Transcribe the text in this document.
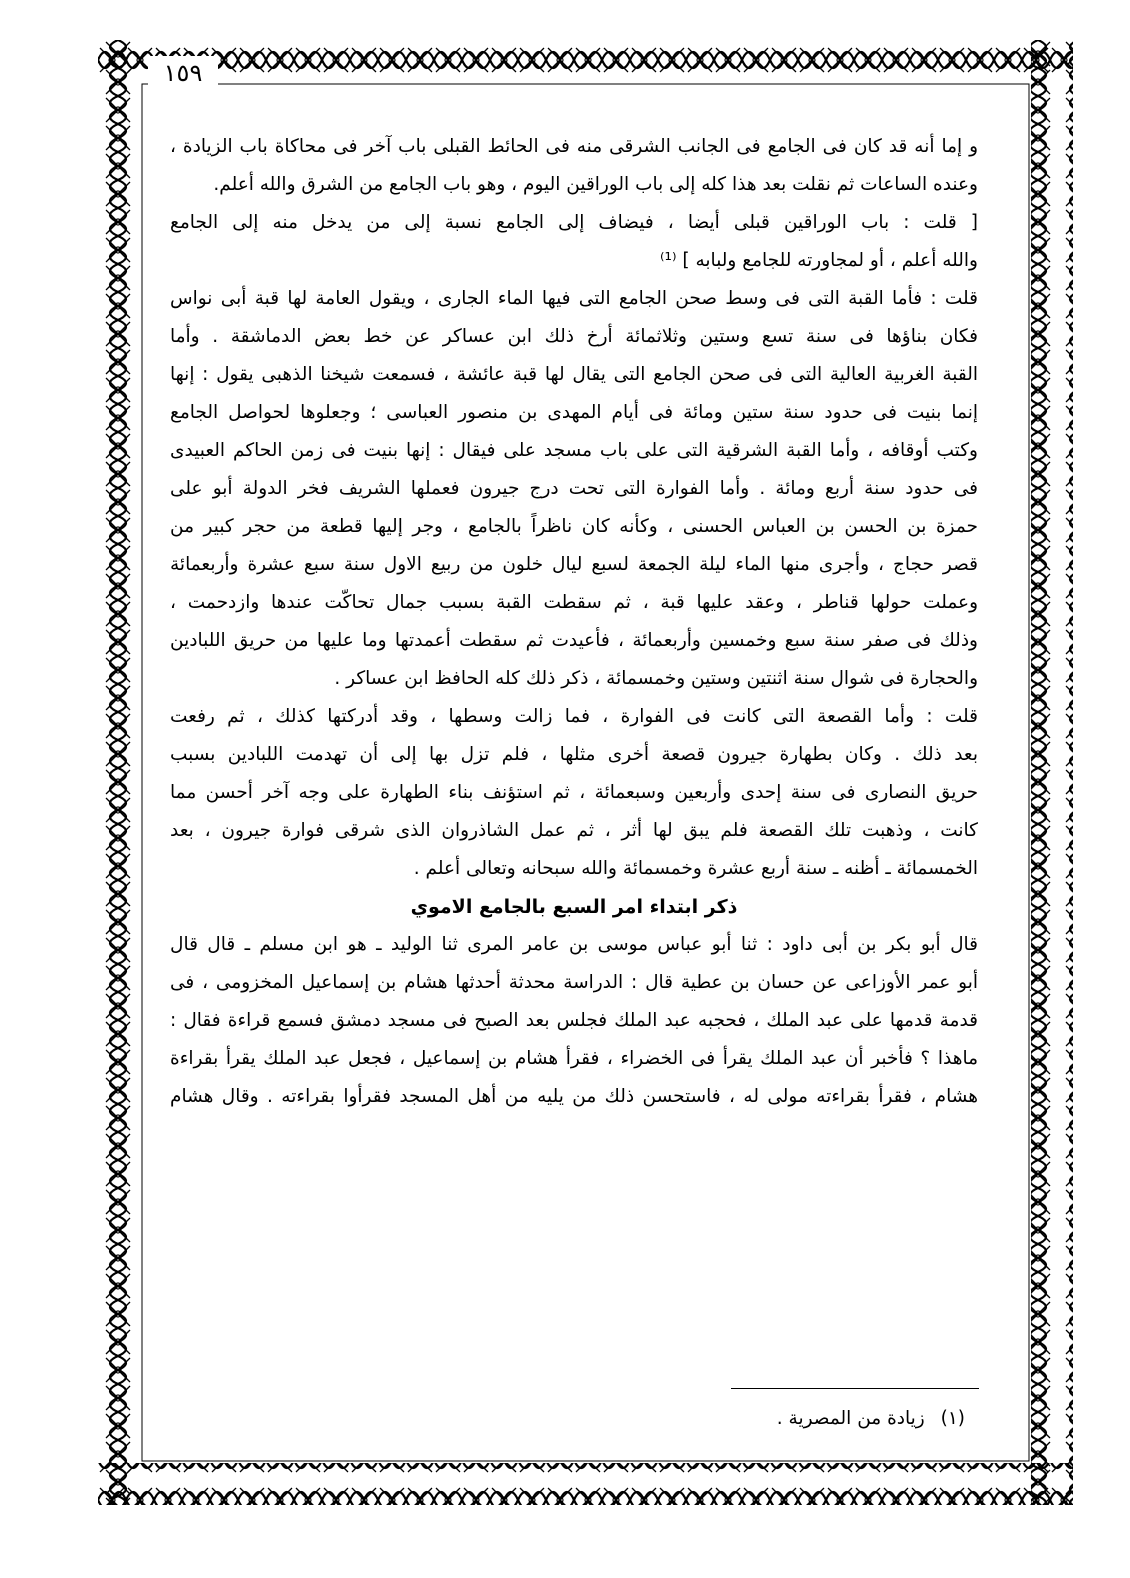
١٥٩
و إما أنه قد كان فى الجامع فى الجانب الشرقى منه فى الحائط القبلى باب آخر فى محاكاة باب الزيادة ،
وعنده الساعات ثم نقلت بعد هذا كله إلى باب الوراقين اليوم ، وهو باب الجامع من الشرق والله أعلم.
[ قلت : باب الوراقين قبلى أيضا ، فيضاف إلى الجامع نسبة إلى من يدخل منه إلى الجامع
والله أعلم ، أو لمجاورته للجامع ولبابه ] ⁽¹⁾
قلت : فأما القبة التى فى وسط صحن الجامع التى فيها الماء الجارى ، ويقول العامة لها قبة أبى نواس
فكان بناؤها فى سنة تسع وستين وثلاثمائة أرخ ذلك ابن عساكر عن خط بعض الدماشقة . وأما
القبة الغربية العالية التى فى صحن الجامع التى يقال لها قبة عائشة ، فسمعت شيخنا الذهبى يقول : إنها
إنما بنيت فى حدود سنة ستين ومائة فى أيام المهدى بن منصور العباسى ؛ وجعلوها لحواصل الجامع
وكتب أوقافه ، وأما القبة الشرقية التى على باب مسجد على فيقال : إنها بنيت فى زمن الحاكم العبيدى
فى حدود سنة أربع ومائة . وأما الفوارة التى تحت درج جيرون فعملها الشريف فخر الدولة أبو على
حمزة بن الحسن بن العباس الحسنى ، وكأنه كان ناظراً بالجامع ، وجر إليها قطعة من حجر كبير من
قصر حجاج ، وأجرى منها الماء ليلة الجمعة لسبع ليال خلون من ربيع الاول سنة سبع عشرة وأربعمائة
وعملت حولها قناطر ، وعقد عليها قبة ، ثم سقطت القبة بسبب جمال تحاكّت عندها وازدحمت ،
وذلك فى صفر سنة سبع وخمسين وأربعمائة ، فأعيدت ثم سقطت أعمدتها وما عليها من حريق اللبادين
والحجارة فى شوال سنة اثنتين وستين وخمسمائة ، ذكر ذلك كله الحافظ ابن عساكر .
قلت : وأما القصعة التى كانت فى الفوارة ، فما زالت وسطها ، وقد أدركتها كذلك ، ثم رفعت
بعد ذلك . وكان بطهارة جيرون قصعة أخرى مثلها ، فلم تزل بها إلى أن تهدمت اللبادين بسبب
حريق النصارى فى سنة إحدى وأربعين وسبعمائة ، ثم استؤنف بناء الطهارة على وجه آخر أحسن مما
كانت ، وذهبت تلك القصعة فلم يبق لها أثر ، ثم عمل الشاذروان الذى شرقى فوارة جيرون ، بعد
الخمسمائة ـ أظنه ـ سنة أربع عشرة وخمسمائة والله سبحانه وتعالى أعلم .
ذكر ابتداء امر السبع بالجامع الاموي
قال أبو بكر بن أبى داود : ثنا أبو عباس موسى بن عامر المرى ثنا الوليد ـ هو ابن مسلم ـ قال قال
أبو عمر الأوزاعى عن حسان بن عطية قال : الدراسة محدثة أحدثها هشام بن إسماعيل المخزومى ، فى
قدمة قدمها على عبد الملك ، فحجبه عبد الملك فجلس بعد الصبح فى مسجد دمشق فسمع قراءة فقال :
ماهذا ؟ فأخبر أن عبد الملك يقرأ فى الخضراء ، فقرأ هشام بن إسماعيل ، فجعل عبد الملك يقرأ بقراءة
هشام ، فقرأ بقراءته مولى له ، فاستحسن ذلك من يليه من أهل المسجد فقرأوا بقراءته . وقال هشام
(١) زيادة من المصرية .
